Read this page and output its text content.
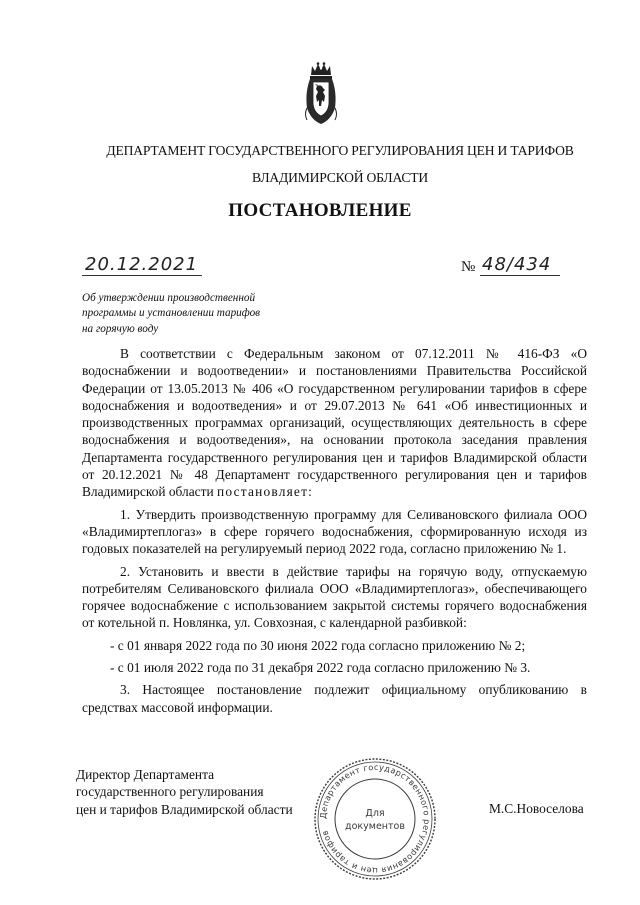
ДЕПАРТАМЕНТ ГОСУДАРСТВЕННОГО РЕГУЛИРОВАНИЯ ЦЕН И ТАРИФОВ
ВЛАДИМИРСКОЙ ОБЛАСТИ
ПОСТАНОВЛЕНИЕ
20.12.2021	№ 48/434
Об утверждении производственной
программы и установлении тарифов
на горячую воду

В соответствии с Федеральным законом от 07.12.2011 № 416-ФЗ «О водоснабжении и водоотведении» и постановлениями Правительства Российской Федерации от 13.05.2013 № 406 «О государственном регулировании тарифов в сфере водоснабжения и водоотведения» и от 29.07.2013 № 641 «Об инвестиционных и производственных программах организаций, осуществляющих деятельность в сфере водоснабжения и водоотведения», на основании протокола заседания правления Департамента государственного регулирования цен и тарифов Владимирской области от 20.12.2021 № 48 Департамент государственного регулирования цен и тарифов Владимирской области постановляет:

1. Утвердить производственную программу для Селивановского филиала ООО «Владимиртеплогаз» в сфере горячего водоснабжения, сформированную исходя из годовых показателей на регулируемый период 2022 года, согласно приложению № 1.

2. Установить и ввести в действие тарифы на горячую воду, отпускаемую потребителям Селивановского филиала ООО «Владимиртеплогаз», обеспечивающего горячее водоснабжение с использованием закрытой системы горячего водоснабжения от котельной п. Новлянка, ул. Совхозная, с календарной разбивкой:

- с 01 января 2022 года по 30 июня 2022 года согласно приложению № 2;

- с 01 июля 2022 года по 31 декабря 2022 года согласно приложению № 3.

3. Настоящее постановление подлежит официальному опубликованию в средствах массовой информации.

Директор Департамента
государственного регулирования
цен и тарифов Владимирской области	Департамент государственного регулирования цен и тарифов
Для
документов
М.С.Новоселова
